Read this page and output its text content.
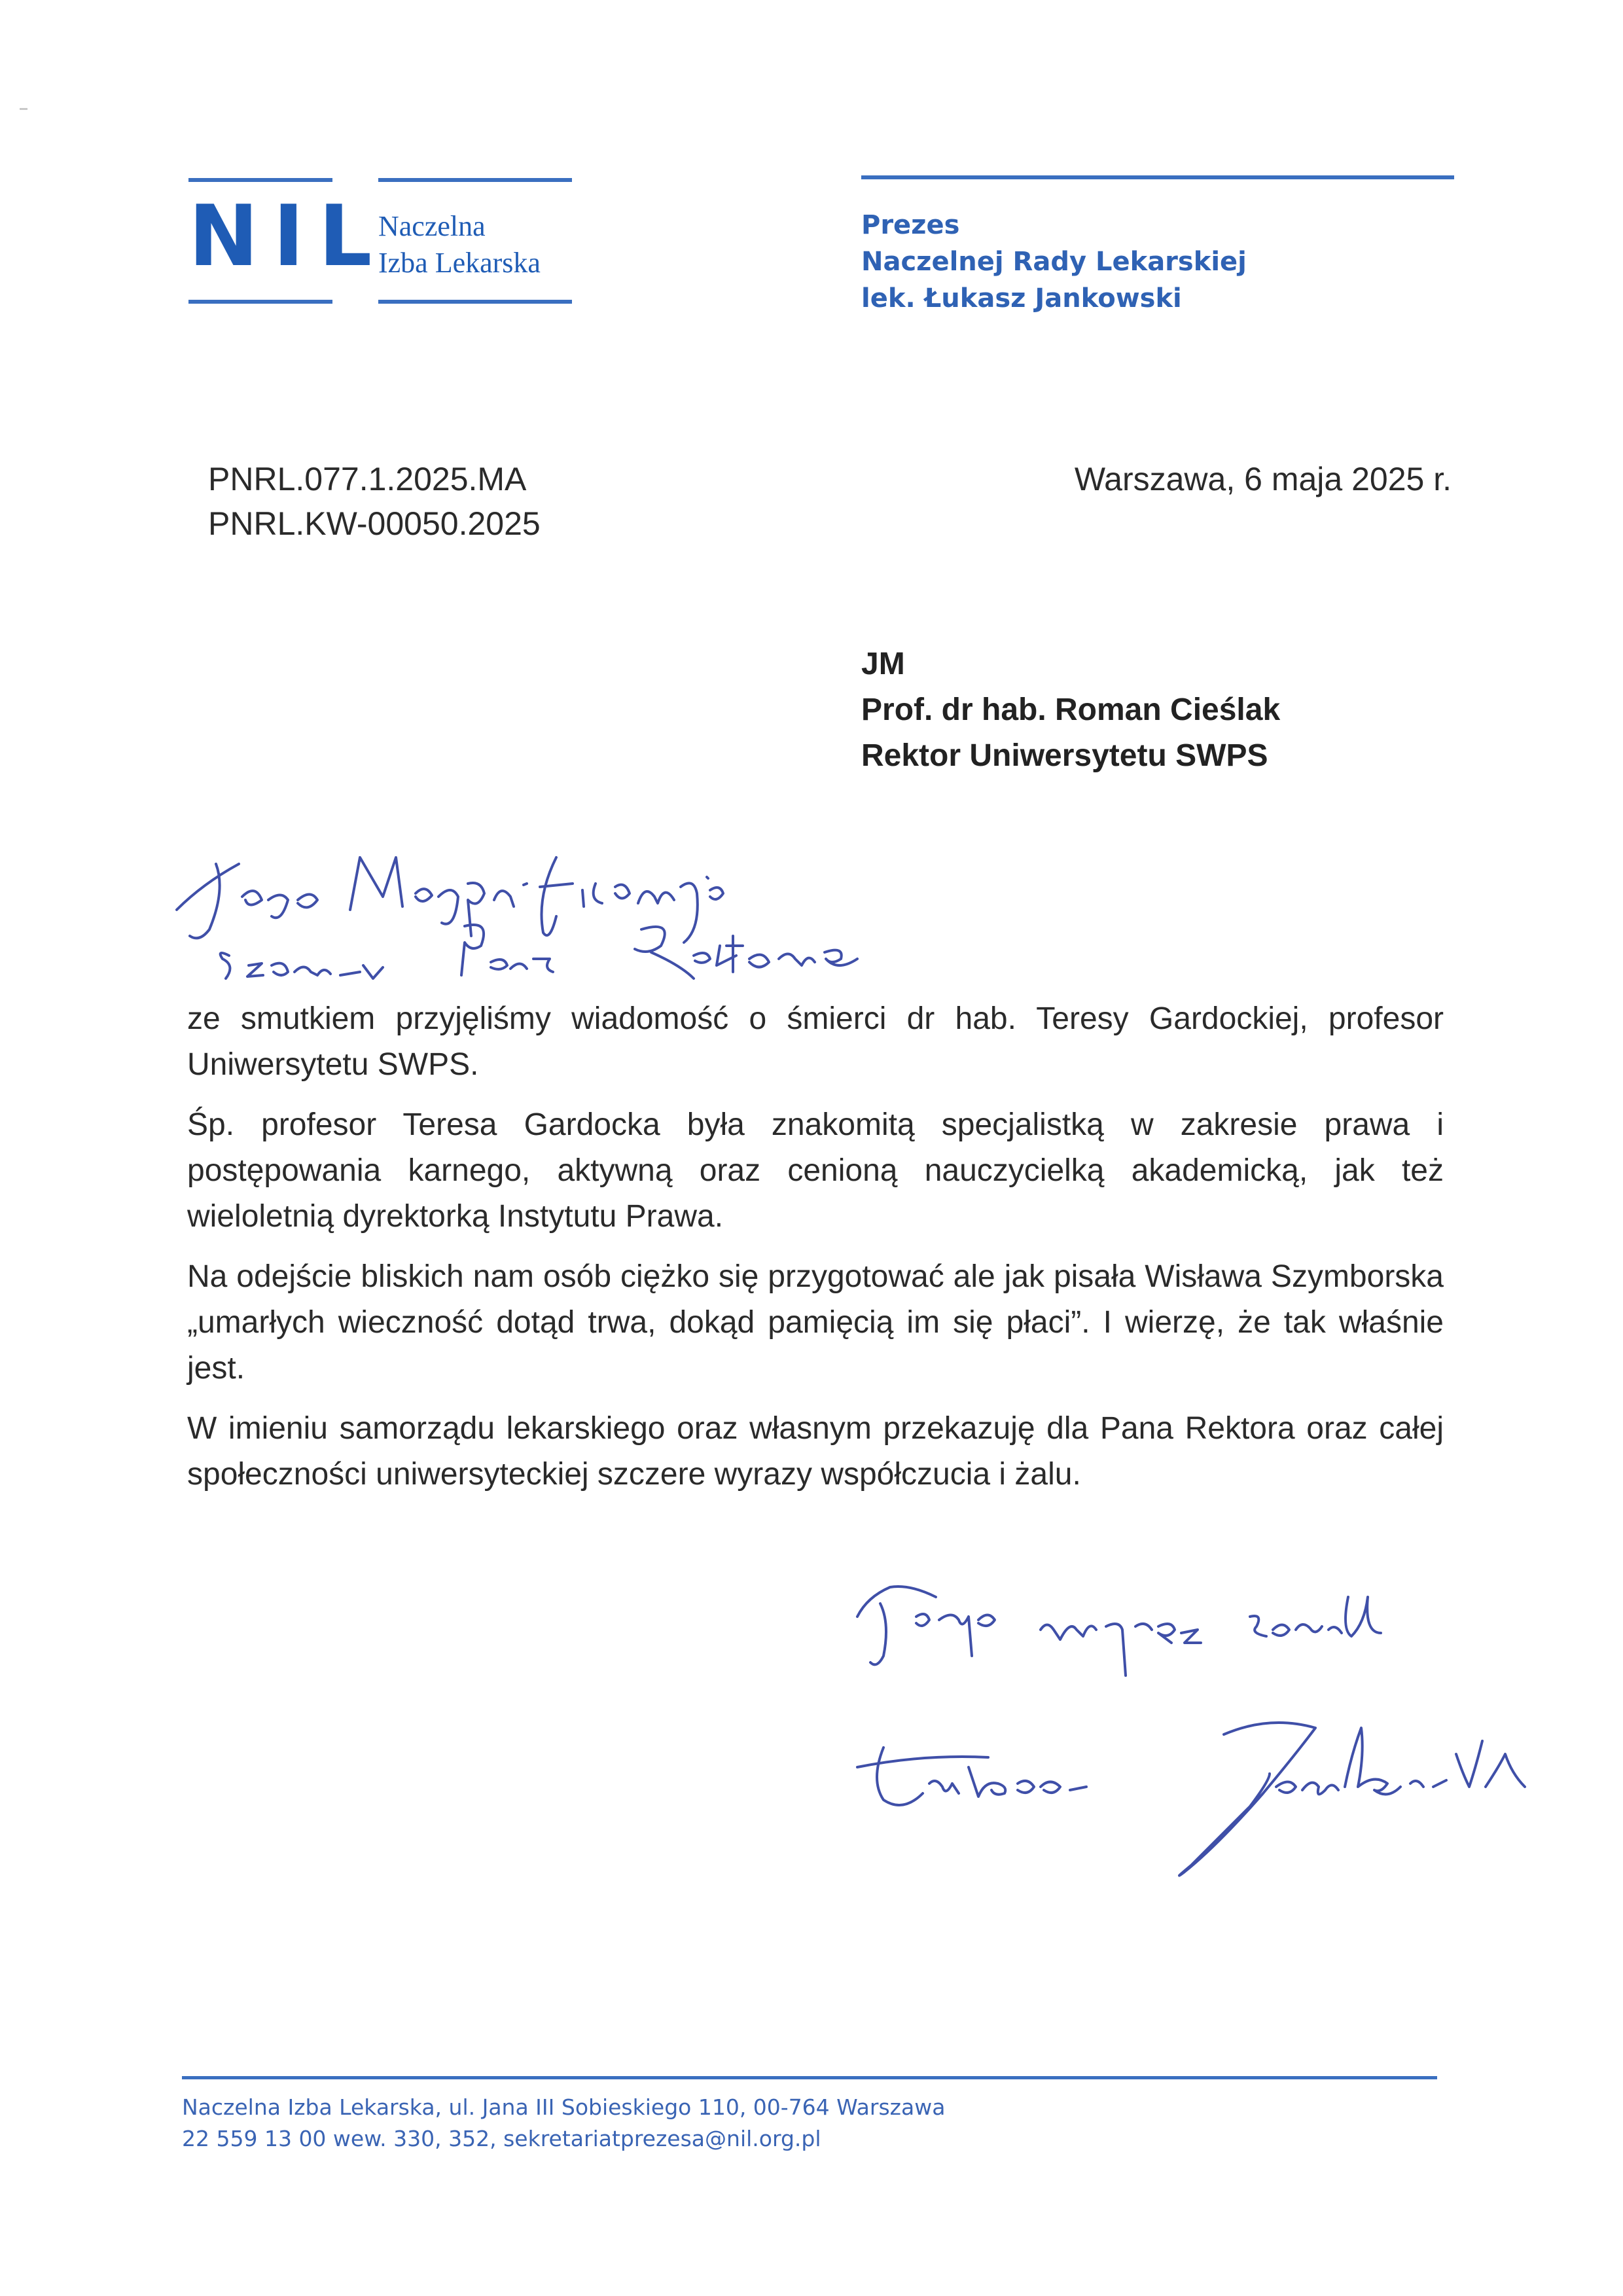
NIL
Naczelna
Izba Lekarska
Prezes
Naczelnej Rady Lekarskiej
lek. Łukasz Jankowski
PNRL.077.1.2025.MA
PNRL.KW-00050.2025
Warszawa, 6 maja 2025 r.
JM
Prof. dr hab. Roman Cieślak
Rektor Uniwersytetu SWPS

ze smutkiem przyjęliśmy wiadomość o śmierci dr hab. Teresy Gardockiej, profesor Uniwersytetu SWPS.

Śp. profesor Teresa Gardocka była znakomitą specjalistką w zakresie prawa i postępowania karnego, aktywną oraz cenioną nauczycielką akademicką, jak też wieloletnią dyrektorką Instytutu Prawa.

Na odejście bliskich nam osób ciężko się przygotować ale jak pisała Wisława Szymborska „umarłych wieczność dotąd trwa, dokąd pamięcią im się płaci”. I wierzę, że tak właśnie jest.

W imieniu samorządu lekarskiego oraz własnym przekazuję dla Pana Rektora oraz całej społeczności uniwersyteckiej szczere wyrazy współczucia i żalu.

Naczelna Izba Lekarska, ul. Jana III Sobieskiego 110, 00-764 Warszawa
22 559 13 00 wew. 330, 352, sekretariatprezesa@nil.org.pl
